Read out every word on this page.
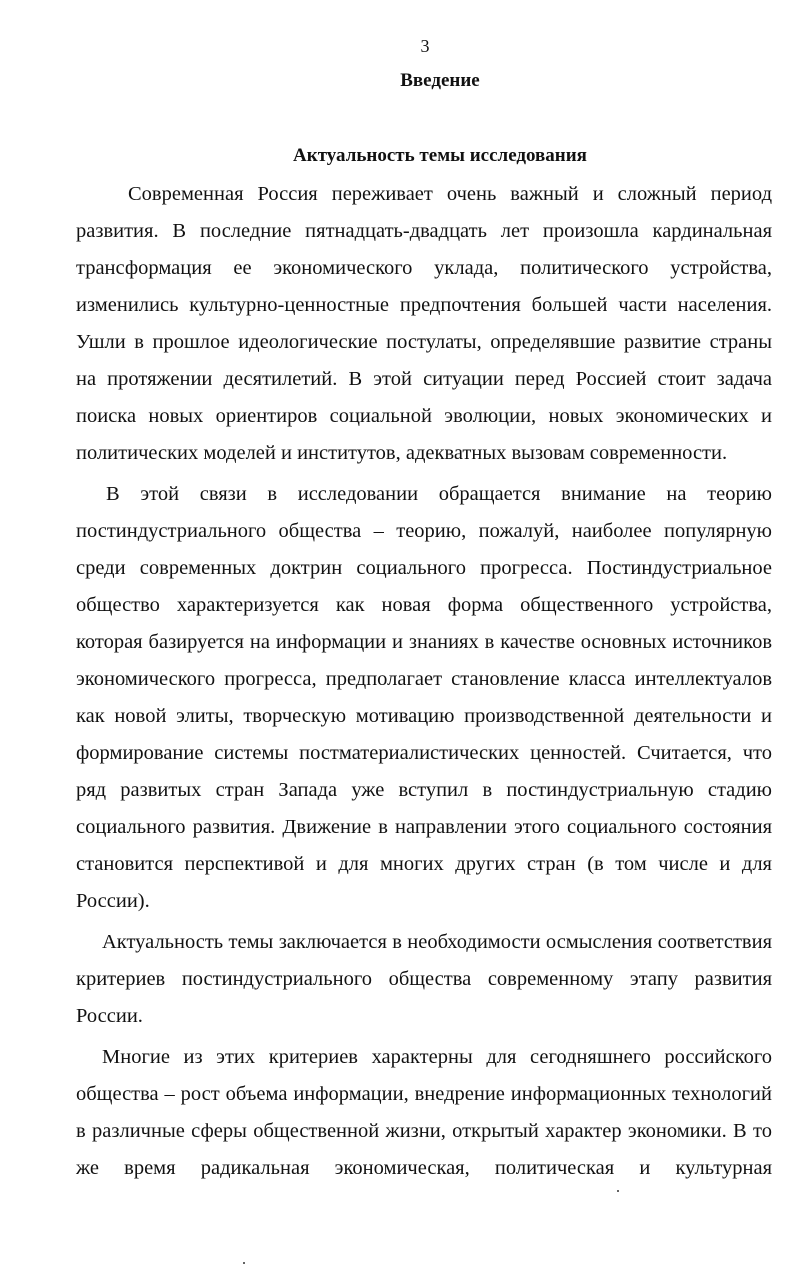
3
Введение
Актуальность темы исследования

Современная Россия переживает очень важный и сложный период развития. В последние пятнадцать-двадцать лет произошла кардинальная трансформация ее экономического уклада, политического устройства, изменились культурно-ценностные предпочтения большей части населения. Ушли в прошлое идеологические постулаты, определявшие развитие страны на протяжении десятилетий. В этой ситуации перед Россией стоит задача поиска новых ориентиров социальной эволюции, новых экономических и политических моделей и институтов, адекватных вызовам современности.

В этой связи в исследовании обращается внимание на теорию постиндустриального общества – теорию, пожалуй, наиболее популярную среди современных доктрин социального прогресса. Постиндустриальное общество характеризуется как новая форма общественного устройства, которая базируется на информации и знаниях в качестве основных источников экономического прогресса, предполагает становление класса интеллектуалов как новой элиты, творческую мотивацию производственной деятельности и формирование системы постматериалистических ценностей. Считается, что ряд развитых стран Запада уже вступил в постиндустриальную стадию социального развития. Движение в направлении этого социального состояния становится перспективой и для многих других стран (в том числе и для России).

Актуальность темы заключается в необходимости осмысления соответствия критериев постиндустриального общества современному этапу развития России.

Многие из этих критериев характерны для сегодняшнего российского общества – рост объема информации, внедрение информационных технологий в различные сферы общественной жизни, открытый характер экономики. В то же время радикальная экономическая, политическая и культурная
